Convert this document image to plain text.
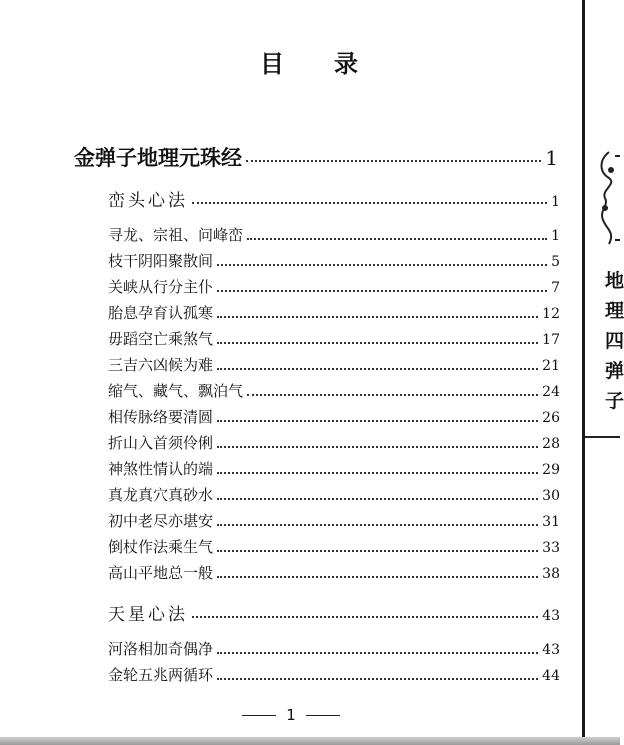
目 录
金弹子地理元珠经	1
峦头心法	1
寻龙、宗祖、问峰峦	1
枝干阴阳聚散间	5
关峡从行分主仆	7
胎息孕育认孤寒	12
毋蹈空亡乘煞气	17
三吉六凶候为难	21
缩气、藏气、飘泊气	24
相传脉络要清圆	26
折山入首须伶俐	28
神煞性情认的端	29
真龙真穴真砂水	30
初中老尽亦堪安	31
倒杖作法乘生气	33
高山平地总一般	38
天星心法	43
河洛相加奇偶净	43
金轮五兆两循环	44
1
地
理
四
弹
子
